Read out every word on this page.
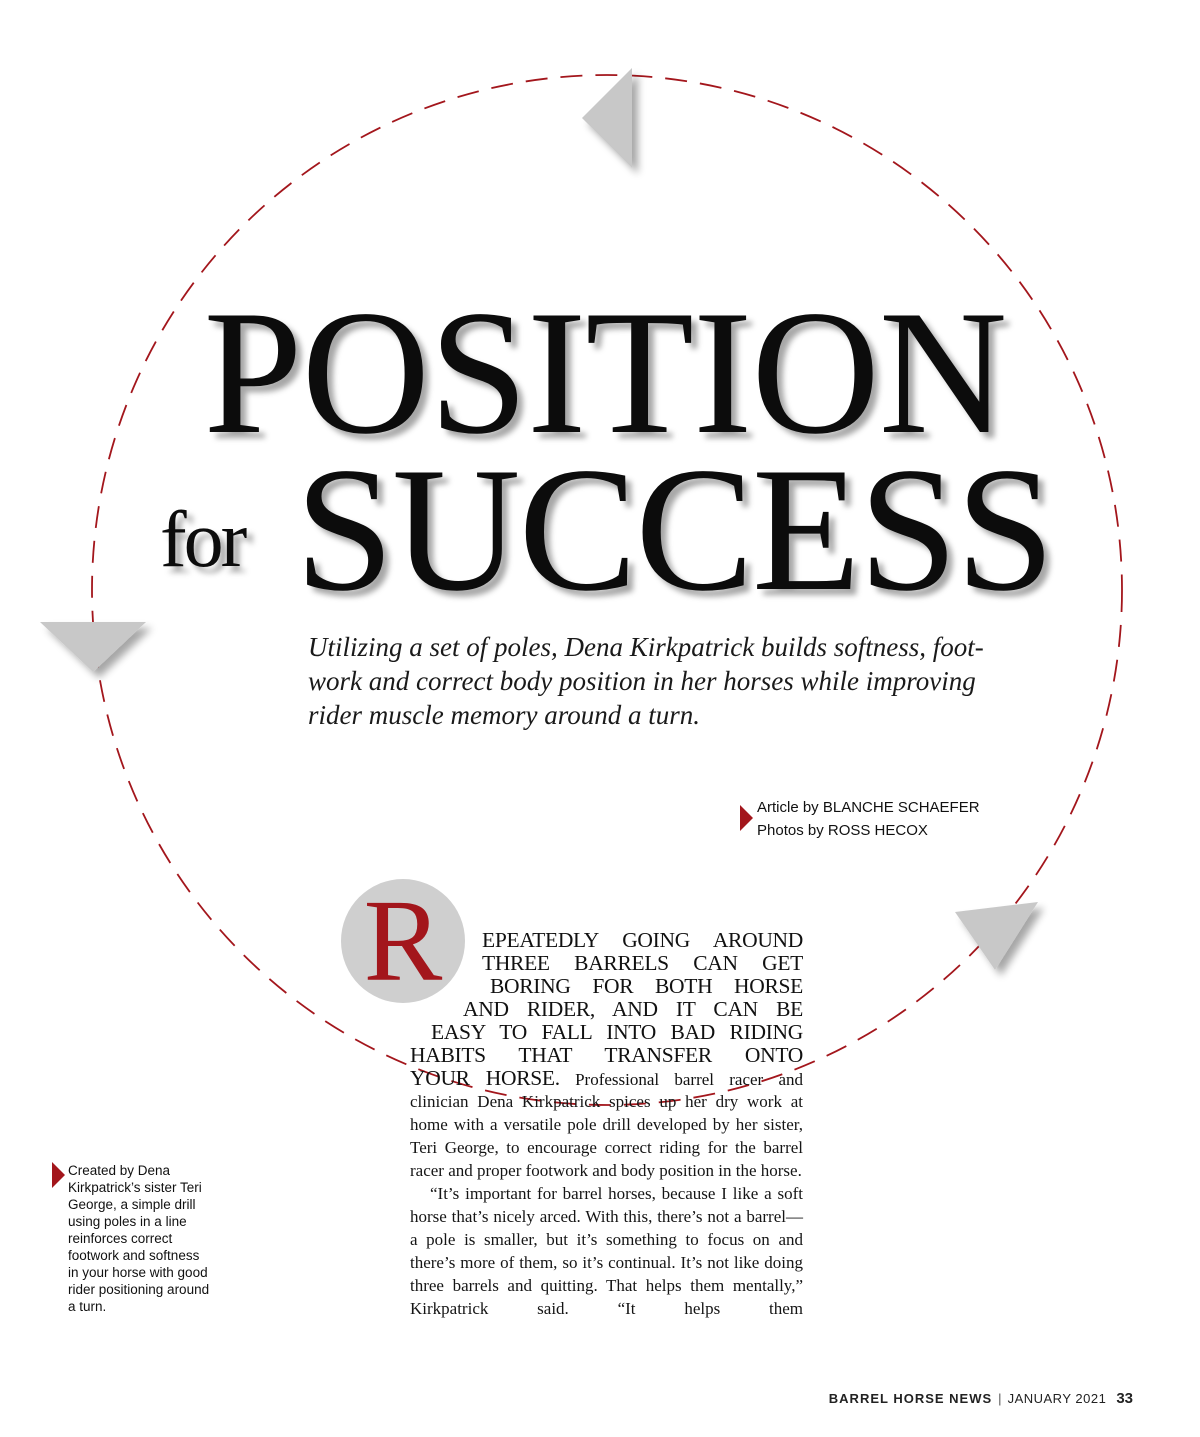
POSITION
for SUCCESS
Utilizing a set of poles, Dena Kirkpatrick builds softness, foot-
work and correct body position in her horses while improving
rider muscle memory around a turn.
Article by BLANCHE SCHAEFER
Photos by ROSS HECOX
R	EPEATEDLY GOING AROUND
THREE BARRELS CAN GET
BORING FOR BOTH HORSE
AND RIDER, AND IT CAN BE
EASY TO FALL INTO BAD RIDING
HABITS THAT TRANSFER ONTO
YOUR HORSE. Professional barrel racer and

clinician Dena Kirkpatrick spices up her dry work at home with a versatile pole drill developed by her sister, Teri George, to encourage correct riding for the barrel racer and proper footwork and body position in the horse.

“It’s important for barrel horses, because I like a soft horse that’s nicely arced. With this, there’s not a barrel—a pole is smaller, but it’s something to focus on and there’s more of them, so it’s continual. It’s not like doing three barrels and quitting. That helps them mentally,” Kirkpatrick said. “It helps them

Created by Dena Kirkpatrick’s sister Teri George, a simple drill using poles in a line reinforces correct footwork and softness in your horse with good rider positioning around a turn.
BARREL HORSE NEWS | JANUARY 2021 33
